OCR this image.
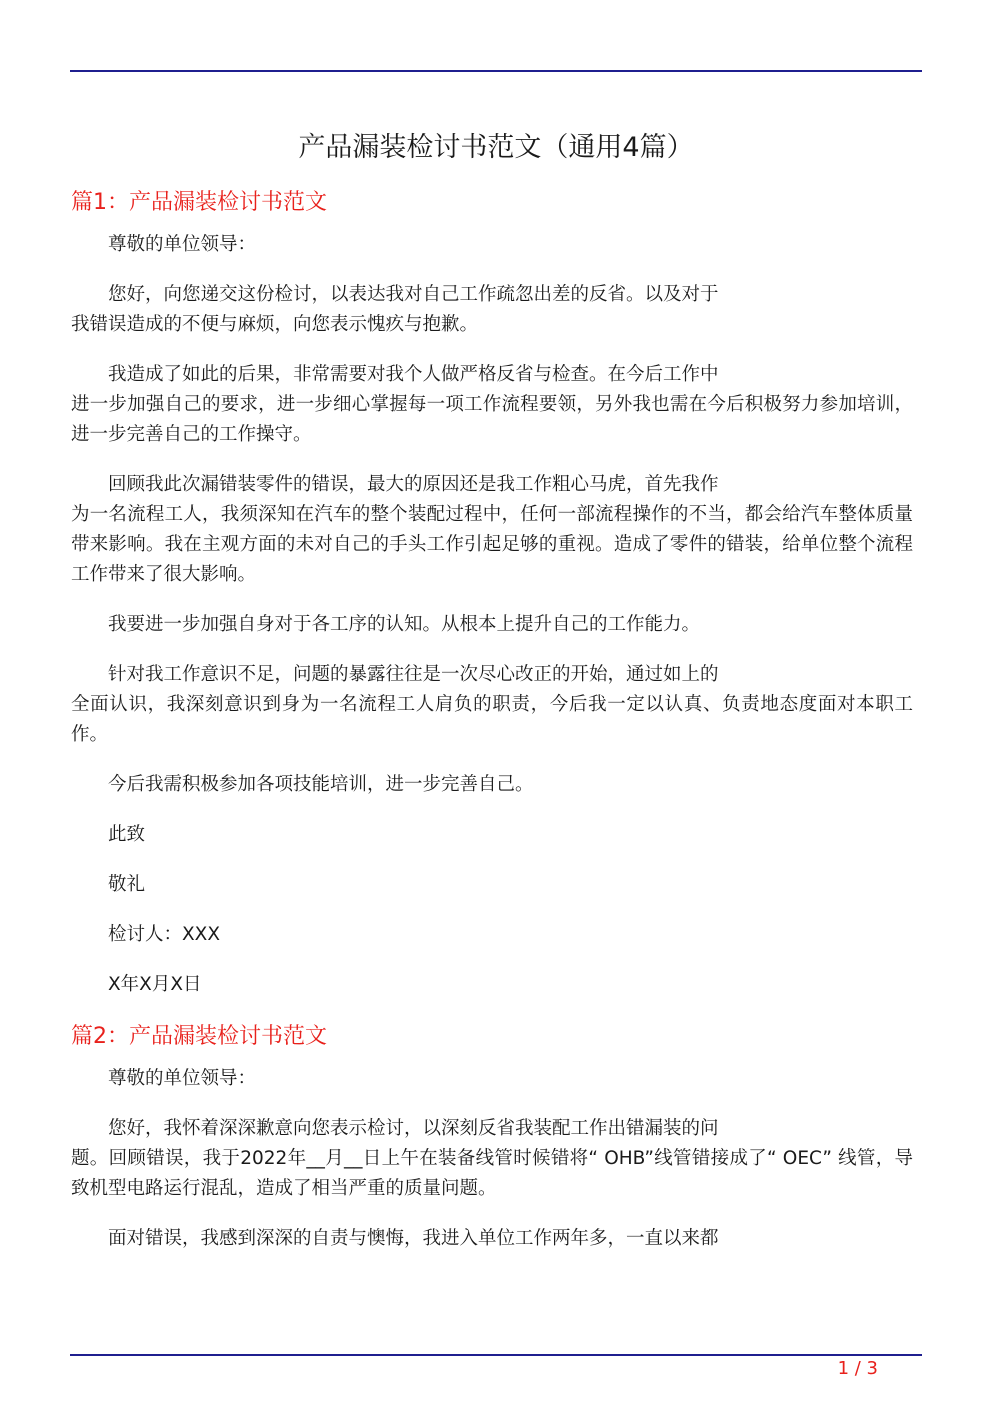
产品漏装检讨书范文（通用4篇）
篇1：产品漏装检讨书范文
尊敬的单位领导：
您好，向您递交这份检讨，以表达我对自己工作疏忽出差的反省。以及对于
我错误造成的不便与麻烦，向您表示愧疚与抱歉。
我造成了如此的后果，非常需要对我个人做严格反省与检查。在今后工作中
进一步加强自己的要求，进一步细心掌握每一项工作流程要领，另外我也需在今后积极努力参加培训，进一步完善自己的工作操守。
回顾我此次漏错装零件的错误，最大的原因还是我工作粗心马虎，首先我作
为一名流程工人，我须深知在汽车的整个装配过程中，任何一部流程操作的不当，都会给汽车整体质量带来影响。我在主观方面的未对自己的手头工作引起足够的重视。造成了零件的错装，给单位整个流程工作带来了很大影响。
我要进一步加强自身对于各工序的认知。从根本上提升自己的工作能力。
针对我工作意识不足，问题的暴露往往是一次尽心改正的开始，通过如上的
全面认识，我深刻意识到身为一名流程工人肩负的职责，今后我一定以认真、负责地态度面对本职工作。
今后我需积极参加各项技能培训，进一步完善自己。
此致
敬礼
检讨人：XXX
X年X月X日
篇2：产品漏装检讨书范文
尊敬的单位领导：
您好，我怀着深深歉意向您表示检讨，以深刻反省我装配工作出错漏装的问
题。回顾错误，我于2022年__月__日上午在装备线管时候错将“ OHB”线管错接成了“ OEC” 线管，导致机型电路运行混乱，造成了相当严重的质量问题。
面对错误，我感到深深的自责与懊悔，我进入单位工作两年多，一直以来都
1 / 3
